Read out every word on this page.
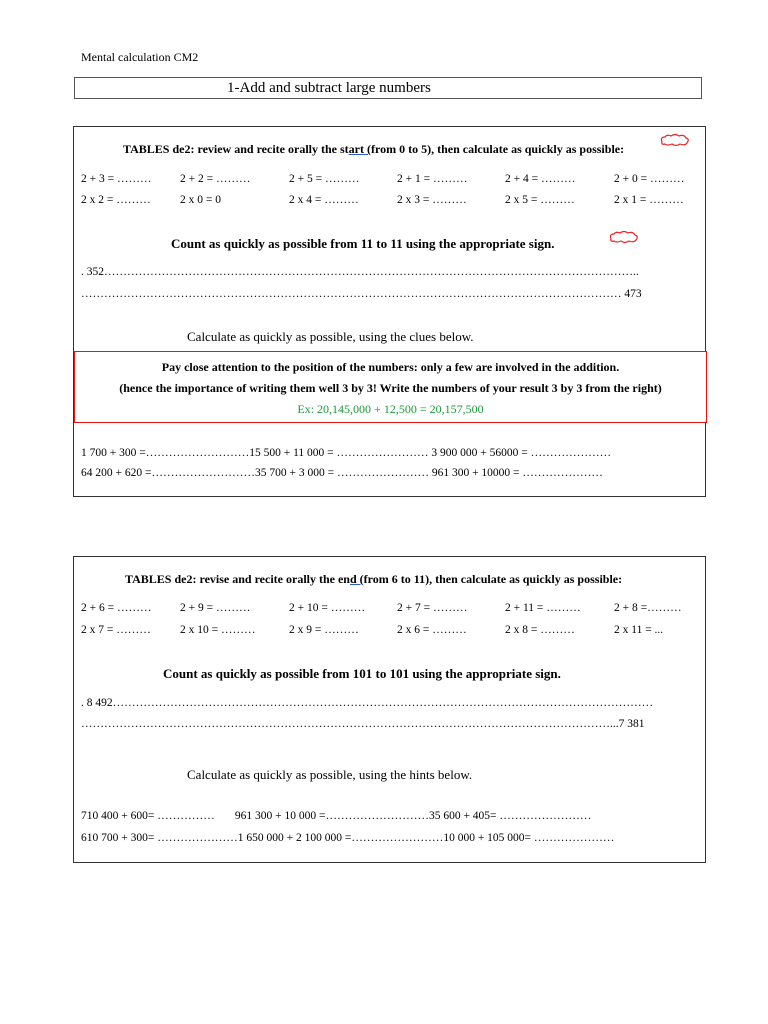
Mental calculation CM2
1-Add and subtract large numbers
TABLES de2: review and recite orally the start (from 0 to 5), then calculate as quickly as possible:
2 + 3 = ……… 2 + 2 = ………	2 + 5 = ………	2 + 1 = ………	2 + 4 = ………	2 + 0 = ………
2 x 2 = ………	2 x 0 = 0	2 x 4 = ………	2 x 3 = ………	2 x 5 = ………	2 x 1 = ………
Count as quickly as possible from 11 to 11 using the appropriate sign.
. 352…………………………………………………………………………………………………………………………..
…………………………………………………………………………………………………………………………… 473
Calculate as quickly as possible, using the clues below.
Pay close attention to the position of the numbers: only a few are involved in the addition.
(hence the importance of writing them well 3 by 3! Write the numbers of your result 3 by 3 from the right)
Ex: 20,145,000 + 12,500 = 20,157,500
1 700 + 300 =………………………15 500 + 11 000 = …………………… 3 900 000 + 56000 = …………………
64 200 + 620 =………………………35 700 + 3 000 = …………………… 961 300 + 10000 = …………………
TABLES de2: revise and recite orally the end (from 6 to 11), then calculate as quickly as possible:
2 + 6 = ……… 2 + 9 = ………	2 + 10 = ………	2 + 7 = ………	2 + 11 = ………	2 + 8 =………
2 x 7 = ………	2 x 10 = ………	2 x 9 = ………	2 x 6 = ………	2 x 8 = ………	2 x 11 = ...
Count as quickly as possible from 101 to 101 using the appropriate sign.
. 8 492……………………………………………………………………………………………………………………………
…………………………………………………………………………………………………………………………...7 381
Calculate as quickly as possible, using the hints below.
710 400 + 600= ……………       961 300 + 10 000 =………………………35 600 + 405= ……………………
610 700 + 300= …………………1 650 000 + 2 100 000 =……………………10 000 + 105 000= …………………
